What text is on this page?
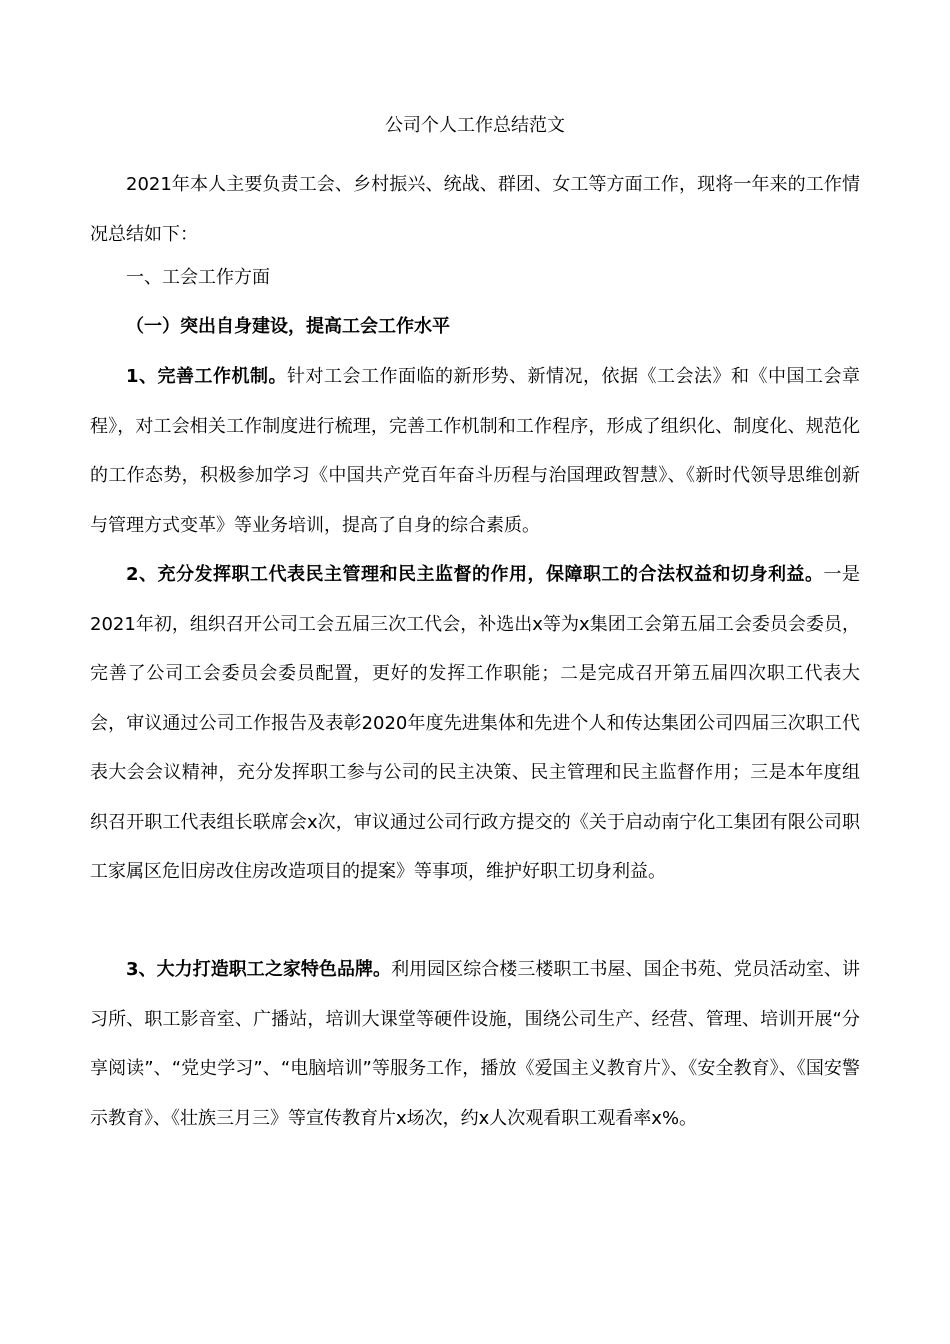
公司个人工作总结范文
2021年本人主要负责工会、乡村振兴、统战、群团、女工等方面工作，现将一年来的工作情况总结如下：
一、工会工作方面
（一）突出自身建设，提高工会工作水平
1、完善工作机制。针对工会工作面临的新形势、新情况，依据《工会法》和《中国工会章程》，对工会相关工作制度进行梳理，完善工作机制和工作程序，形成了组织化、制度化、规范化的工作态势，积极参加学习《中国共产党百年奋斗历程与治国理政智慧》、《新时代领导思维创新与管理方式变革》等业务培训，提高了自身的综合素质。
2、充分发挥职工代表民主管理和民主监督的作用，保障职工的合法权益和切身利益。一是2021年初，组织召开公司工会五届三次工代会，补选出x等为x集团工会第五届工会委员会委员，完善了公司工会委员会委员配置，更好的发挥工作职能；二是完成召开第五届四次职工代表大会，审议通过公司工作报告及表彰2020年度先进集体和先进个人和传达集团公司四届三次职工代表大会会议精神，充分发挥职工参与公司的民主决策、民主管理和民主监督作用；三是本年度组织召开职工代表组长联席会x次，审议通过公司行政方提交的《关于启动南宁化工集团有限公司职工家属区危旧房改住房改造项目的提案》等事项，维护好职工切身利益。
3、大力打造职工之家特色品牌。利用园区综合楼三楼职工书屋、国企书苑、党员活动室、讲习所、职工影音室、广播站，培训大课堂等硬件设施，围绕公司生产、经营、管理、培训开展“分享阅读”、“党史学习”、“电脑培训”等服务工作，播放《爱国主义教育片》、《安全教育》、《国安警示教育》、《壮族三月三》等宣传教育片x场次，约x人次观看职工观看率x%。
